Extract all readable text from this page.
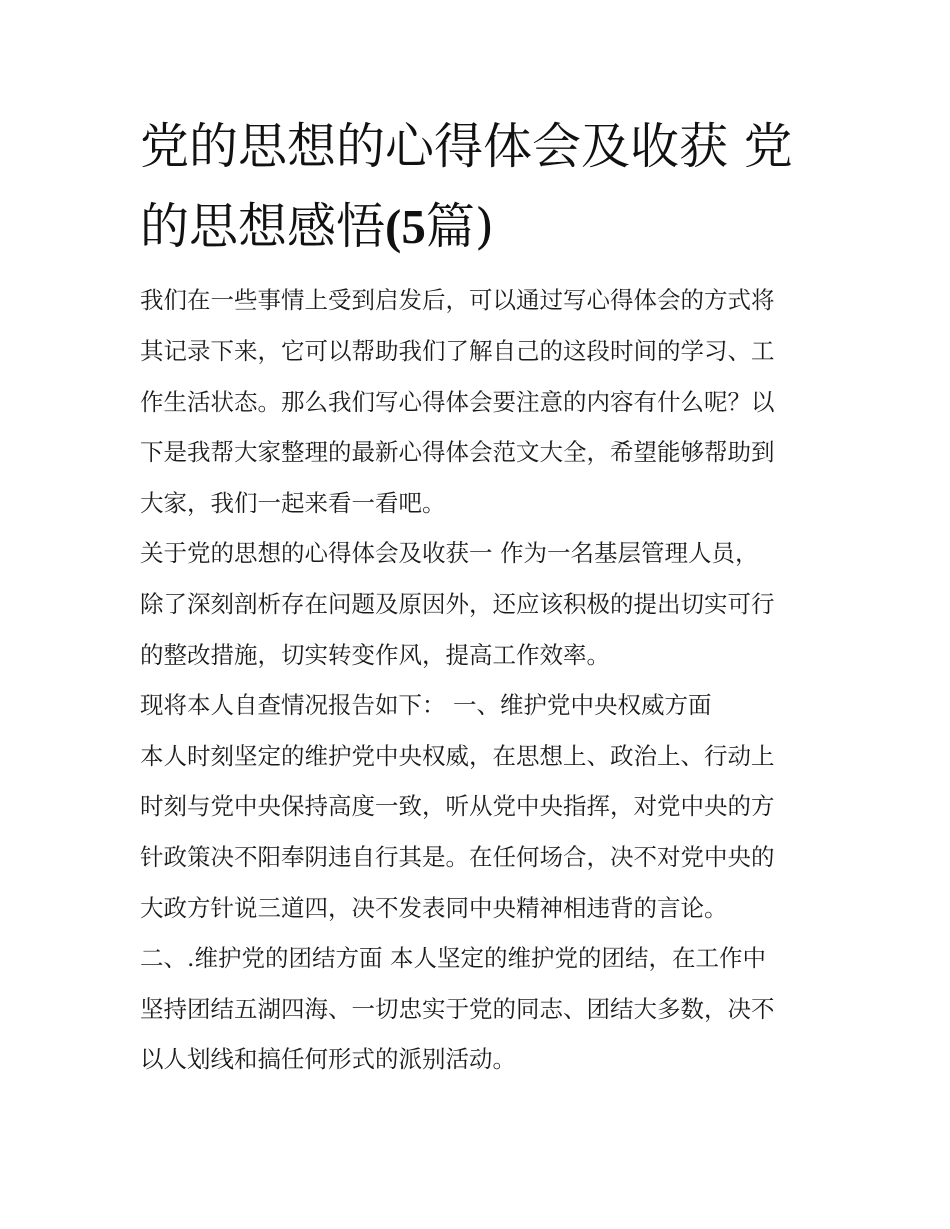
党的思想的心得体会及收获 党
的思想感悟(5篇)
我们在一些事情上受到启发后，可以通过写心得体会的方式将
其记录下来，它可以帮助我们了解自己的这段时间的学习、工
作生活状态。那么我们写心得体会要注意的内容有什么呢？以
下是我帮大家整理的最新心得体会范文大全，希望能够帮助到
大家，我们一起来看一看吧。
关于党的思想的心得体会及收获一 作为一名基层管理人员，
除了深刻剖析存在问题及原因外，还应该积极的提出切实可行
的整改措施，切实转变作风，提高工作效率。
现将本人自查情况报告如下： 一、维护党中央权威方面
本人时刻坚定的维护党中央权威，在思想上、政治上、行动上
时刻与党中央保持高度一致，听从党中央指挥，对党中央的方
针政策决不阳奉阴违自行其是。在任何场合，决不对党中央的
大政方针说三道四，决不发表同中央精神相违背的言论。
二、.维护党的团结方面 本人坚定的维护党的团结，在工作中
坚持团结五湖四海、一切忠实于党的同志、团结大多数，决不
以人划线和搞任何形式的派别活动。
